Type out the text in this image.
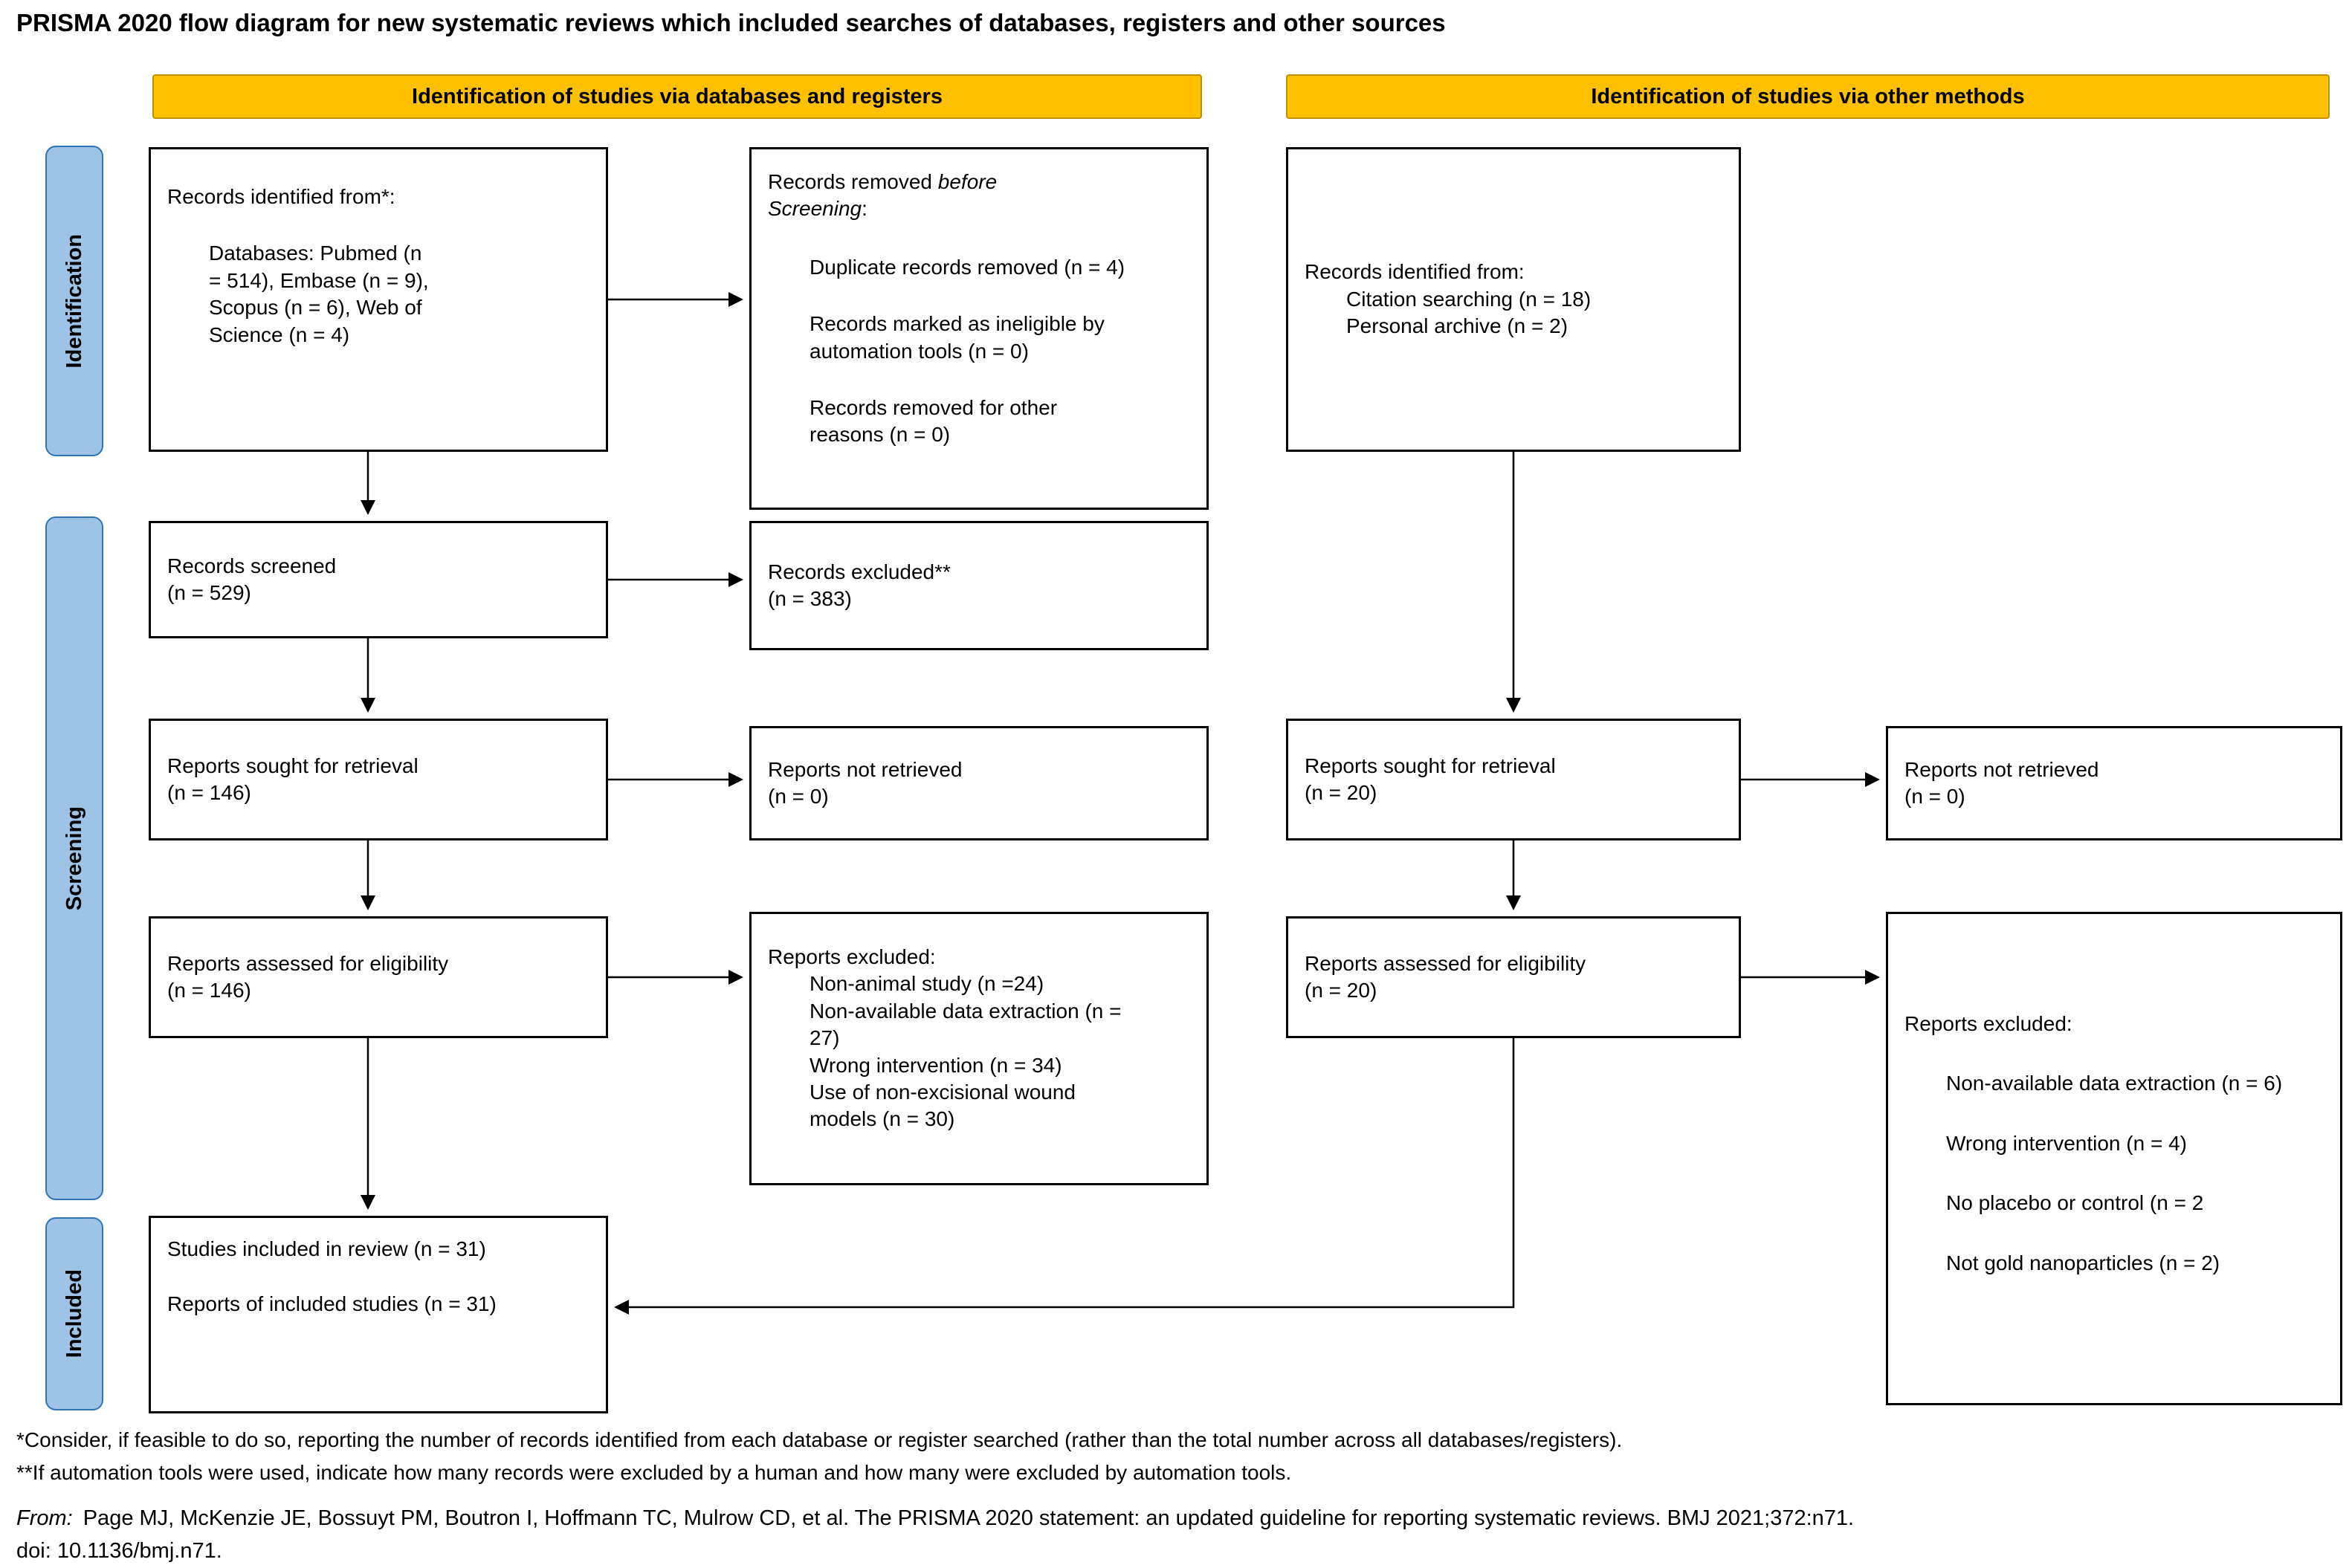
PRISMA 2020 flow diagram for new systematic reviews which included searches of databases, registers and other sources
Identification of studies via databases and registers	Identification of studies via other methods
Identification
Screening
Included
Records identified from*:
Databases: Pubmed (n = 514), Embase (n = 9), Scopus (n = 6), Web of Science (n = 4)
Records screened
(n = 529)
Reports sought for retrieval
(n = 146)
Reports assessed for eligibility
(n = 146)
Studies included in review (n = 31)
Reports of included studies (n = 31)
Records removed before Screening:
Duplicate records removed (n = 4)
Records marked as ineligible by automation tools (n = 0)
Records removed for other reasons (n = 0)
Records excluded**
(n = 383)
Reports not retrieved
(n = 0)
Reports excluded:
Non-animal study (n =24)
Non-available data extraction (n = 27)
Wrong intervention (n = 34)
Use of non-excisional wound models (n = 30)
Records identified from:
Citation searching (n = 18)
Personal archive (n = 2)
Reports sought for retrieval
(n = 20)
Reports assessed for eligibility
(n = 20)
Reports not retrieved
(n = 0)
Reports excluded:
Non-available data extraction (n = 6)
Wrong intervention (n = 4)
No placebo or control (n = 2
Not gold nanoparticles (n = 2)
*Consider, if feasible to do so, reporting the number of records identified from each database or register searched (rather than the total number across all databases/registers).
**If automation tools were used, indicate how many records were excluded by a human and how many were excluded by automation tools.
From: Page MJ, McKenzie JE, Bossuyt PM, Boutron I, Hoffmann TC, Mulrow CD, et al. The PRISMA 2020 statement: an updated guideline for reporting systematic reviews. BMJ 2021;372:n71.
doi: 10.1136/bmj.n71.
